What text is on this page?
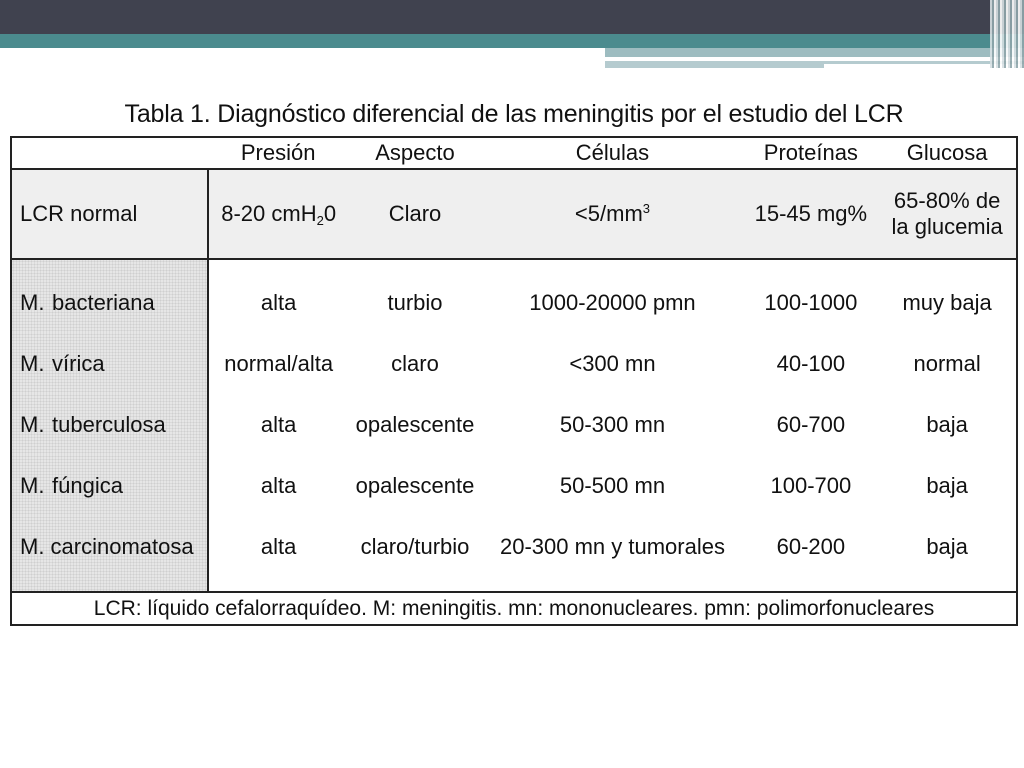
Tabla 1. Diagnóstico diferencial de las meningitis por el estudio del LCR
	Presión	Aspecto	Células	Proteínas	Glucosa
LCR normal	8-20 cmH$_2$0	Claro	$<5/mm^3$	15-45 mg%	65-80% de
la glucemia
M. bacteriana	alta	turbio	1000-20000 pmn	100-1000	muy baja
M. vírica	normal/alta	claro	<300 mn	40-100	normal
M. tuberculosa	alta	opalescente	50-300 mn	60-700	baja
M. fúngica	alta	opalescente	50-500 mn	100-700	baja
M. carcinomatosa	alta	claro/turbio	20-300 mn y tumorales	60-200	baja
LCR: líquido cefalorraquídeo. M: meningitis. mn: mononucleares. pmn: polimorfonucleares					
